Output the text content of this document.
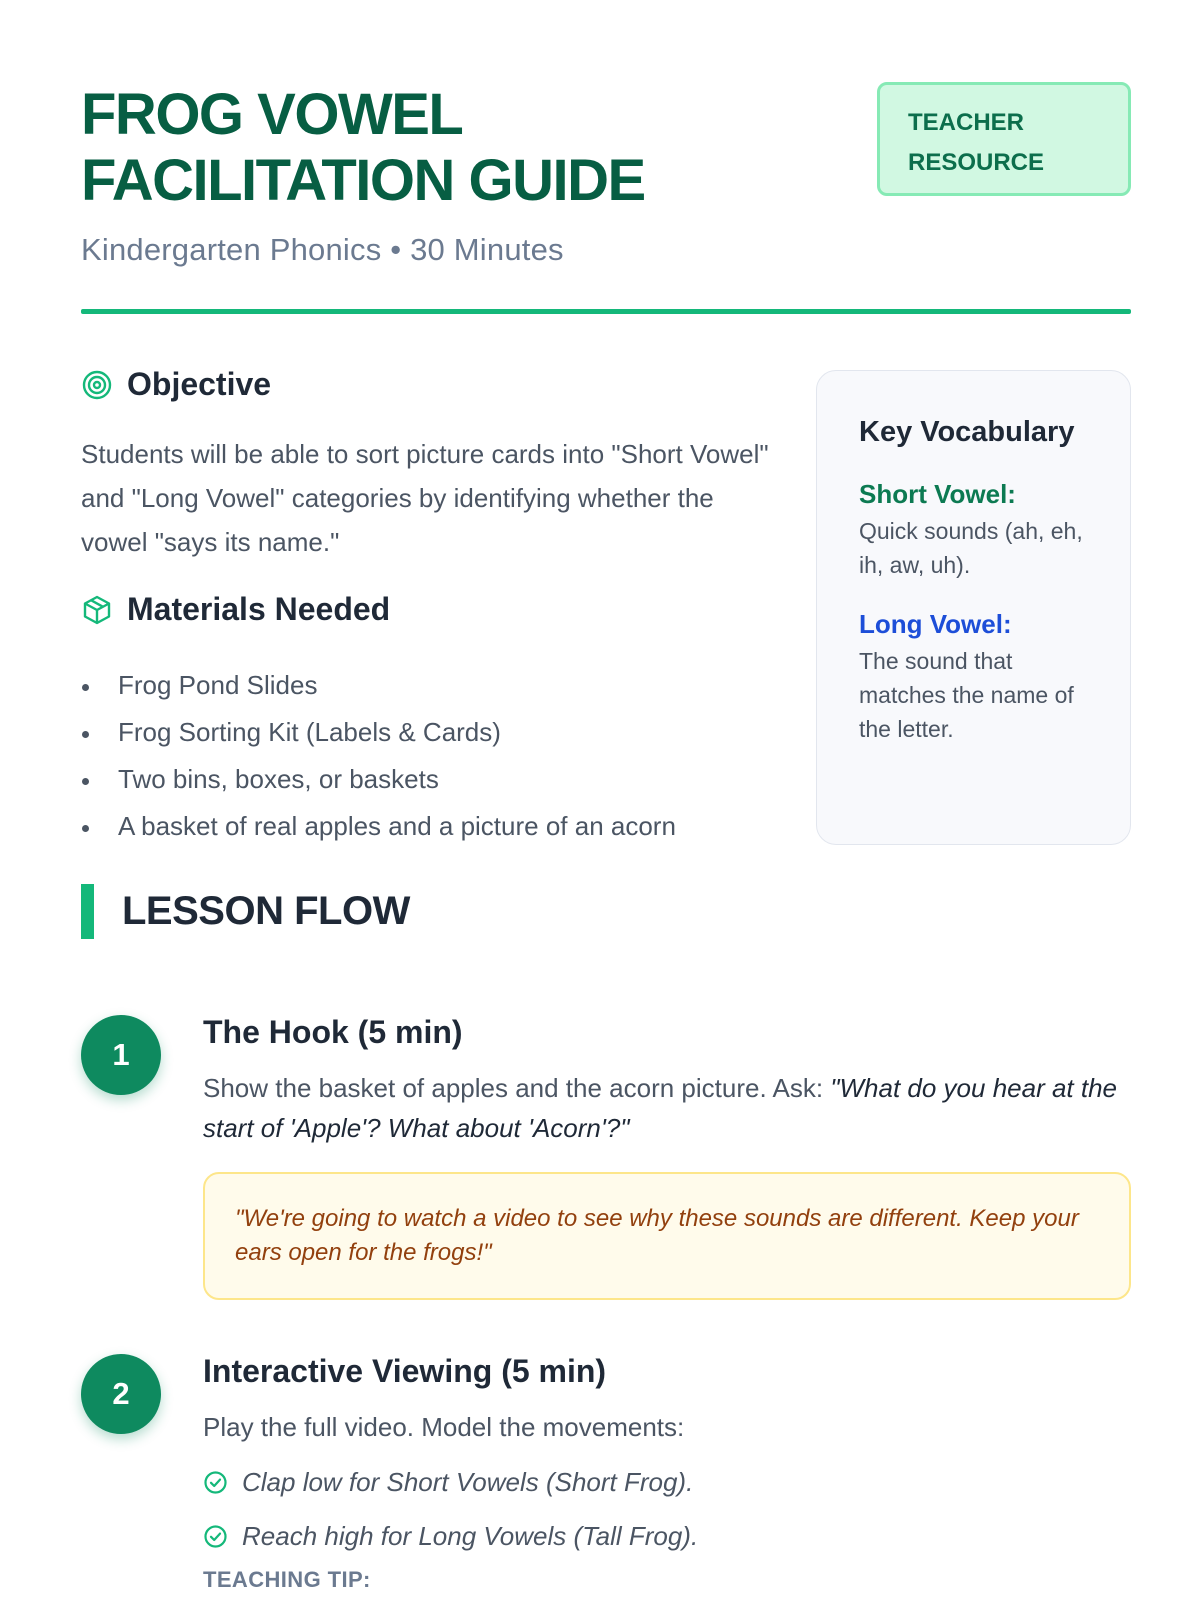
FROG VOWEL FACILITATION GUIDE
Kindergarten Phonics • 30 Minutes
TEACHER RESOURCE
Objective

Students will be able to sort picture cards into "Short Vowel" and "Long Vowel" categories by identifying whether the vowel "says its name."

Materials Needed
Frog Pond Slides
Frog Sorting Kit (Labels & Cards)
Two bins, boxes, or baskets
A basket of real apples and a picture of an acorn
Key Vocabulary
Short Vowel:
Quick sounds (ah, eh, ih, aw, uh).
Long Vowel:
The sound that matches the name of the letter.
LESSON FLOW
1
The Hook (5 min)

Show the basket of apples and the acorn picture. Ask: "What do you hear at the start of 'Apple'? What about 'Acorn'?"

"We're going to watch a video to see why these sounds are different. Keep your ears open for the frogs!"
2
Interactive Viewing (5 min)

Play the full video. Model the movements:

Clap low for Short Vowels (Short Frog).
Reach high for Long Vowels (Tall Frog).
TEACHING TIP:
